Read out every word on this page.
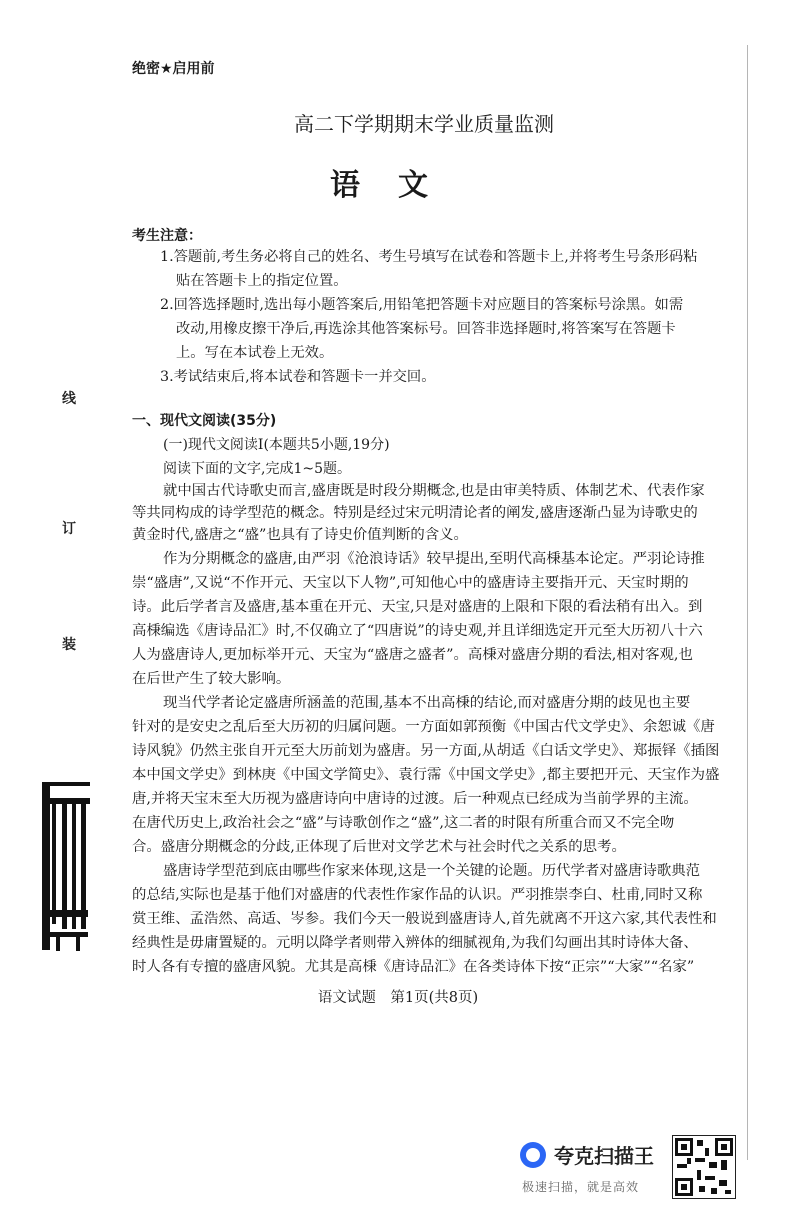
线
订
装
绝密★启用前
高二下学期期末学业质量监测
语文
考生注意：
1.答题前,考生务必将自己的姓名、考生号填写在试卷和答题卡上,并将考生号条形码粘

贴在答题卡上的指定位置。
2.回答选择题时,选出每小题答案后,用铅笔把答题卡对应题目的答案标号涂黑。如需

改动,用橡皮擦干净后,再选涂其他答案标号。回答非选择题时,将答案写在答题卡
上。写在本试卷上无效。
3.考试结束后,将本试卷和答题卡一并交回。
一、现代文阅读(35分)
(一)现代文阅读Ⅰ(本题共5小题,19分)
阅读下面的文字,完成1~5题。
就中国古代诗歌史而言,盛唐既是时段分期概念,也是由审美特质、体制艺术、代表作家
等共同构成的诗学型范的概念。特别是经过宋元明清论者的阐发,盛唐逐渐凸显为诗歌史的
黄金时代,盛唐之“盛”也具有了诗史价值判断的含义。
作为分期概念的盛唐,由严羽《沧浪诗话》较早提出,至明代高棅基本论定。严羽论诗推
崇“盛唐”,又说“不作开元、天宝以下人物”,可知他心中的盛唐诗主要指开元、天宝时期的
诗。此后学者言及盛唐,基本重在开元、天宝,只是对盛唐的上限和下限的看法稍有出入。到
高棅编选《唐诗品汇》时,不仅确立了“四唐说”的诗史观,并且详细选定开元至大历初八十六
人为盛唐诗人,更加标举开元、天宝为“盛唐之盛者”。高棅对盛唐分期的看法,相对客观,也
在后世产生了较大影响。
现当代学者论定盛唐所涵盖的范围,基本不出高棅的结论,而对盛唐分期的歧见也主要
针对的是安史之乱后至大历初的归属问题。一方面如郭预衡《中国古代文学史》、余恕诚《唐
诗风貌》仍然主张自开元至大历前划为盛唐。另一方面,从胡适《白话文学史》、郑振铎《插图
本中国文学史》到林庚《中国文学简史》、袁行霈《中国文学史》,都主要把开元、天宝作为盛
唐,并将天宝末至大历视为盛唐诗向中唐诗的过渡。后一种观点已经成为当前学界的主流。
在唐代历史上,政治社会之“盛”与诗歌创作之“盛”,这二者的时限有所重合而又不完全吻
合。盛唐分期概念的分歧,正体现了后世对文学艺术与社会时代之关系的思考。
盛唐诗学型范到底由哪些作家来体现,这是一个关键的论题。历代学者对盛唐诗歌典范
的总结,实际也是基于他们对盛唐的代表性作家作品的认识。严羽推崇李白、杜甫,同时又称
赏王维、孟浩然、高适、岑参。我们今天一般说到盛唐诗人,首先就离不开这六家,其代表性和
经典性是毋庸置疑的。元明以降学者则带入辨体的细腻视角,为我们勾画出其时诗体大备、
时人各有专擅的盛唐风貌。尤其是高棅《唐诗品汇》在各类诗体下按“正宗”“大家”“名家”
语文试题　第1页(共8页)
夸克扫描王
极速扫描，就是高效
